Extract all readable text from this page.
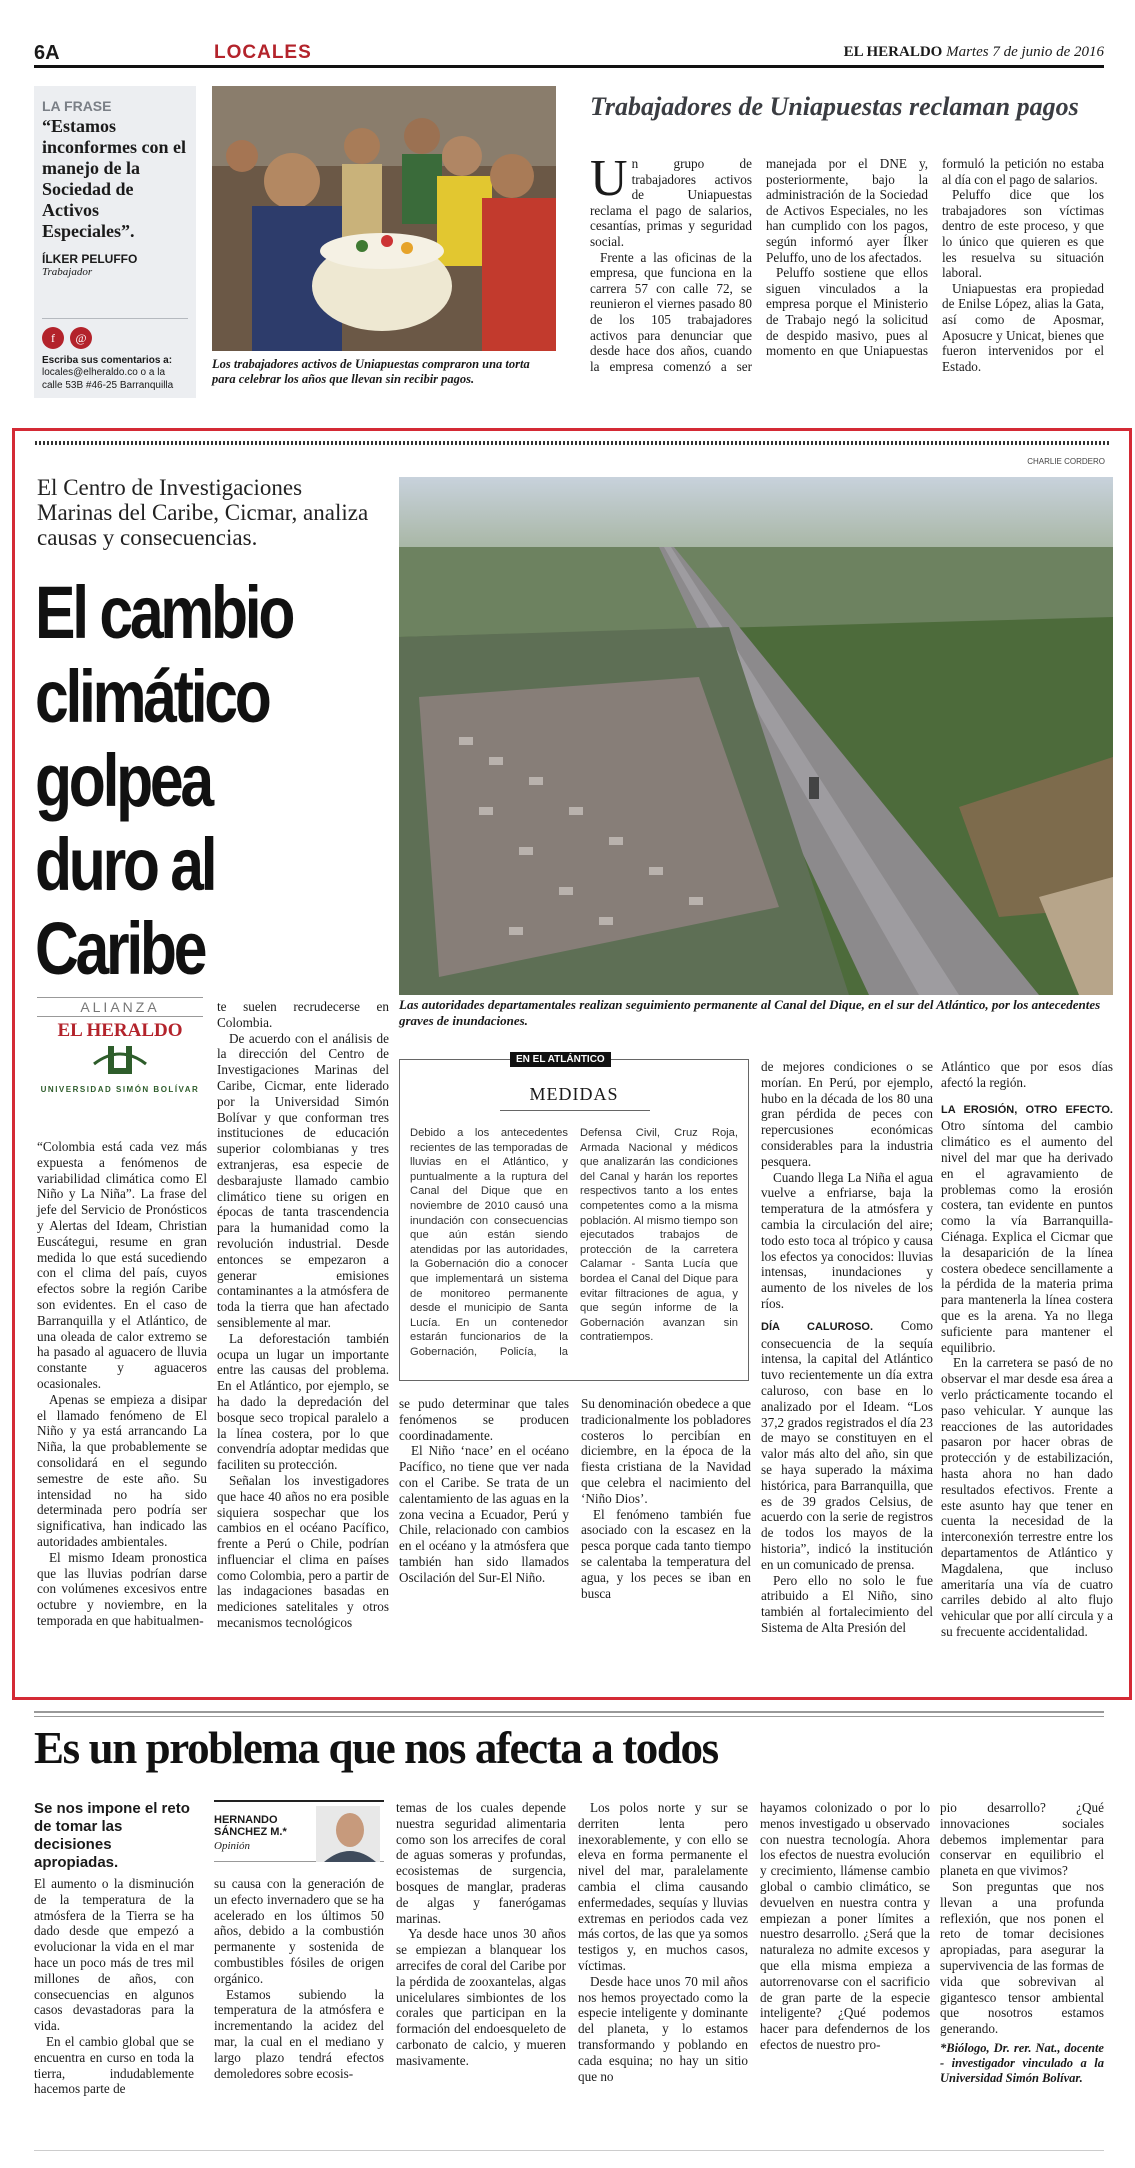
6A	LOCALES	EL HERALDO Martes 7 de junio de 2016
LA FRASE
“Estamos inconformes con el manejo de la Sociedad de Activos Especiales”.
ÍLKER PELUFFO
Trabajador
f @
Escriba sus comentarios a:
locales@elheraldo.co o a la calle 53B #46-25 Barranquilla
Los trabajadores activos de Uniapuestas compraron una torta para celebrar los años que llevan sin recibir pagos.
Trabajadores de Uniapuestas reclaman pagos

Un grupo de trabajadores activos de Uniapuestas reclama el pago de salarios, cesantías, primas y seguridad social.

Frente a las oficinas de la empresa, que funciona en la carrera 57 con calle 72, se reunieron el viernes pasado 80 de los 105 trabajadores activos para denunciar que desde hace dos años, cuando la empresa comenzó a ser manejada por el DNE y, posteriormente, bajo la administración de la Sociedad de Activos Especiales, no les han cumplido con los pagos, según informó ayer Ílker Peluffo, uno de los afectados.

Peluffo sostiene que ellos siguen vinculados a la empresa porque el Ministerio de Trabajo negó la solicitud de despido masivo, pues al momento en que Uniapuestas formuló la petición no estaba al día con el pago de salarios.

Peluffo dice que los trabajadores son víctimas dentro de este proceso, y que lo único que quieren es que les resuelva su situación laboral.

Uniapuestas era propiedad de Enilse López, alias la Gata, así como de Aposmar, Aposucre y Unicat, bienes que fueron intervenidos por el Estado.

El Centro de Investigaciones Marinas del Caribe, Cicmar, analiza causas y consecuencias.
El cambio climático golpea duro al Caribe
CHARLIE CORDERO
Las autoridades departamentales realizan seguimiento permanente al Canal del Dique, en el sur del Atlántico, por los antecedentes graves de inundaciones.
ALIANZA
EL HERALDO
UNIVERSIDAD SIMÓN BOLÍVAR

“Colombia está cada vez más expuesta a fenómenos de variabilidad climática como El Niño y La Niña”. La frase del jefe del Servicio de Pronósticos y Alertas del Ideam, Christian Euscátegui, resume en gran medida lo que está sucediendo con el clima del país, cuyos efectos sobre la región Caribe son evidentes. En el caso de Barranquilla y el Atlántico, de una oleada de calor extremo se ha pasado al aguacero de lluvia constante y aguaceros ocasionales.

Apenas se empieza a disipar el llamado fenómeno de El Niño y ya está arrancando La Niña, la que probablemente se consolidará en el segundo semestre de este año. Su intensidad no ha sido determinada pero podría ser significativa, han indicado las autoridades ambientales.

El mismo Ideam pronostica que las lluvias podrían darse con volúmenes excesivos entre octubre y noviembre, en la temporada en que habitualmen-

te suelen recrudecerse en Colombia.

De acuerdo con el análisis de la dirección del Centro de Investigaciones Marinas del Caribe, Cicmar, ente liderado por la Universidad Simón Bolívar y que conforman tres instituciones de educación superior colombianas y tres extranjeras, esa especie de desbarajuste llamado cambio climático tiene su origen en épocas de tanta trascendencia para la humanidad como la revolución industrial. Desde entonces se empezaron a generar emisiones contaminantes a la atmósfera de toda la tierra que han afectado sensiblemente al mar.

La deforestación también ocupa un lugar un importante entre las causas del problema. En el Atlántico, por ejemplo, se ha dado la depredación del bosque seco tropical paralelo a la línea costera, por lo que convendría adoptar medidas que faciliten su protección.

Señalan los investigadores que hace 40 años no era posible siquiera sospechar que los cambios en el océano Pacífico, frente a Perú o Chile, podrían influenciar el clima en países como Colombia, pero a partir de las indagaciones basadas en mediciones satelitales y otros mecanismos tecnológicos

EN EL ATLÁNTICO
MEDIDAS
Debido a los antecedentes recientes de las temporadas de lluvias en el Atlántico, y puntualmente a la ruptura del Canal del Dique que en noviembre de 2010 causó una inundación con consecuencias que aún están siendo atendidas por las autoridades, la Gobernación dio a conocer que implementará un sistema de monitoreo permanente desde el municipio de Santa Lucía. En un contenedor estarán funcionarios de la Gobernación, Policía, la Defensa Civil, Cruz Roja, Armada Nacional y médicos que analizarán las condiciones del Canal y harán los reportes respectivos tanto a los entes competentes como a la misma población. Al mismo tiempo son ejecutados trabajos de protección de la carretera Calamar - Santa Lucía que bordea el Canal del Dique para evitar filtraciones de agua, y que según informe de la Gobernación avanzan sin contratiempos.

se pudo determinar que tales fenómenos se producen coordinadamente.

El Niño ‘nace’ en el océano Pacífico, no tiene que ver nada con el Caribe. Se trata de un calentamiento de las aguas en la zona vecina a Ecuador, Perú y Chile, relacionado con cambios en el océano y la atmósfera que también han sido llamados Oscilación del Sur-El Niño.

Su denominación obedece a que tradicionalmente los pobladores costeros lo percibían en diciembre, en la época de la fiesta cristiana de la Navidad que celebra el nacimiento del ‘Niño Dios’.

El fenómeno también fue asociado con la escasez en la pesca porque cada tanto tiempo se calentaba la temperatura del agua, y los peces se iban en busca

de mejores condiciones o se morían. En Perú, por ejemplo, hubo en la década de los 80 una gran pérdida de peces con repercusiones económicas considerables para la industria pesquera.

Cuando llega La Niña el agua vuelve a enfriarse, baja la temperatura de la atmósfera y cambia la circulación del aire; todo esto toca al trópico y causa los efectos ya conocidos: lluvias intensas, inundaciones y aumento de los niveles de los ríos.

DÍA CALUROSO. Como consecuencia de la sequía intensa, la capital del Atlántico tuvo recientemente un día extra caluroso, con base en lo analizado por el Ideam. “Los 37,2 grados registrados el día 23 de mayo se constituyen en el valor más alto del año, sin que se haya superado la máxima histórica, para Barranquilla, que es de 39 grados Celsius, de acuerdo con la serie de registros de todos los mayos de la historia”, indicó la institución en un comunicado de prensa.

Pero ello no solo le fue atribuido a El Niño, sino también al fortalecimiento del Sistema de Alta Presión del

Atlántico que por esos días afectó la región.

LA EROSIÓN, OTRO EFECTO. Otro síntoma del cambio climático es el aumento del nivel del mar que ha derivado en el agravamiento de problemas como la erosión costera, tan evidente en puntos como la vía Barranquilla-Ciénaga. Explica el Cicmar que la desaparición de la línea costera obedece sencillamente a la pérdida de la materia prima para mantenerla la línea costera que es la arena. Ya no llega suficiente para mantener el equilibrio.

En la carretera se pasó de no observar el mar desde esa área a verlo prácticamente tocando el paso vehicular. Y aunque las reacciones de las autoridades pasaron por hacer obras de protección y de estabilización, hasta ahora no han dado resultados efectivos. Frente a este asunto hay que tener en cuenta la necesidad de la interconexión terrestre entre los departamentos de Atlántico y Magdalena, que incluso ameritaría una vía de cuatro carriles debido al alto flujo vehicular que por allí circula y a su frecuente accidentalidad.

Es un problema que nos afecta a todos
Se nos impone el reto de tomar las decisiones apropiadas.
HERNANDO SÁNCHEZ M.*
Opinión

El aumento o la disminución de la temperatura de la atmósfera de la Tierra se ha dado desde que empezó a evolucionar la vida en el mar hace un poco más de tres mil millones de años, con consecuencias en algunos casos devastadoras para la vida.

En el cambio global que se encuentra en curso en toda la tierra, indudablemente hacemos parte de

su causa con la generación de un efecto invernadero que se ha acelerado en los últimos 50 años, debido a la combustión permanente y sostenida de combustibles fósiles de origen orgánico.

Estamos subiendo la temperatura de la atmósfera e incrementando la acidez del mar, la cual en el mediano y largo plazo tendrá efectos demoledores sobre ecosis-

temas de los cuales depende nuestra seguridad alimentaria como son los arrecifes de coral de aguas someras y profundas, ecosistemas de surgencia, bosques de manglar, praderas de algas y fanerógamas marinas.

Ya desde hace unos 30 años se empiezan a blanquear los arrecifes de coral del Caribe por la pérdida de zooxantelas, algas unicelulares simbiontes de los corales que participan en la formación del endoesqueleto de carbonato de calcio, y mueren masivamente.

Los polos norte y sur se derriten lenta pero inexorablemente, y con ello se eleva en forma permanente el nivel del mar, paralelamente cambia el clima causando enfermedades, sequías y lluvias extremas en periodos cada vez más cortos, de las que ya somos testigos y, en muchos casos, víctimas.

Desde hace unos 70 mil años nos hemos proyectado como la especie inteligente y dominante del planeta, y lo estamos transformando y poblando en cada esquina; no hay un sitio que no

hayamos colonizado o por lo menos investigado u observado con nuestra tecnología. Ahora los efectos de nuestra evolución y crecimiento, llámense cambio global o cambio climático, se devuelven en nuestra contra y empiezan a poner límites a nuestro desarrollo. ¿Será que la naturaleza no admite excesos y que ella misma empieza a autorrenovarse con el sacrificio de gran parte de la especie inteligente? ¿Qué podemos hacer para defendernos de los efectos de nuestro pro-

pio desarrollo? ¿Qué innovaciones sociales debemos implementar para conservar en equilibrio el planeta en que vivimos?

Son preguntas que nos llevan a una profunda reflexión, que nos ponen el reto de tomar decisiones apropiadas, para asegurar la supervivencia de las formas de vida que sobrevivan al gigantesco tensor ambiental que nosotros estamos generando.

*Biólogo, Dr. rer. Nat., docente - investigador vinculado a la Universidad Simón Bolívar.
